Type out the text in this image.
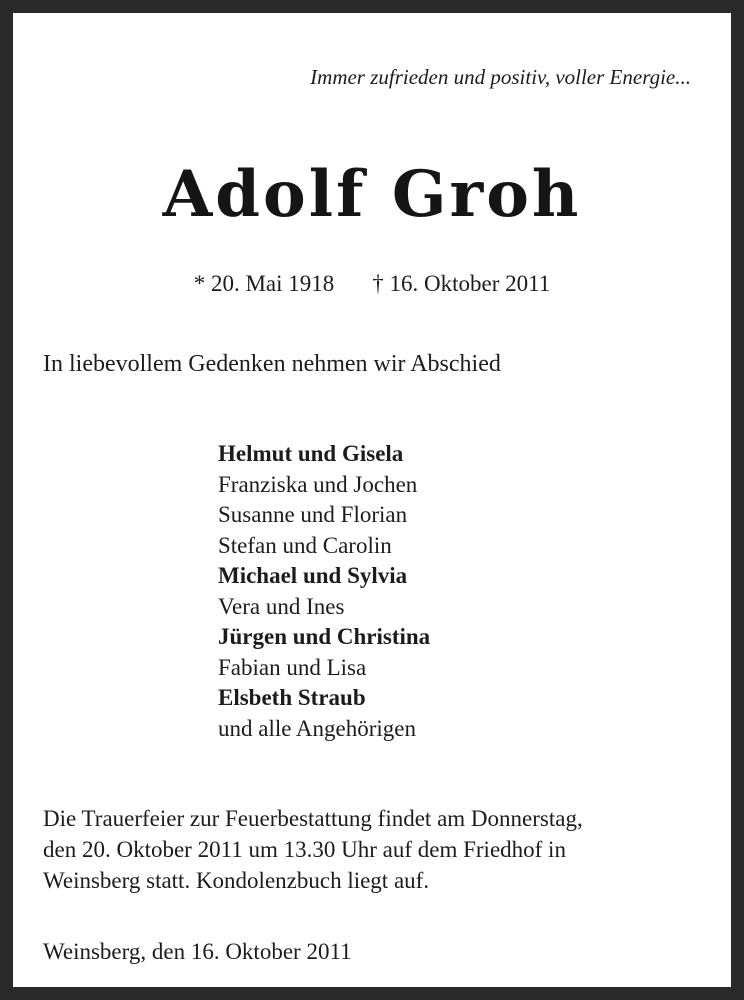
Immer zufrieden und positiv, voller Energie...
Adolf Groh
* 20. Mai 1918 † 16. Oktober 2011
In liebevollem Gedenken nehmen wir Abschied
Helmut und Gisela
Franziska und Jochen
Susanne und Florian
Stefan und Carolin
Michael und Sylvia
Vera und Ines
Jürgen und Christina
Fabian und Lisa
Elsbeth Straub
und alle Angehörigen
Die Trauerfeier zur Feuerbestattung findet am Donnerstag,
den 20. Oktober 2011 um 13.30 Uhr auf dem Friedhof in
Weinsberg statt. Kondolenzbuch liegt auf.
Weinsberg, den 16. Oktober 2011
